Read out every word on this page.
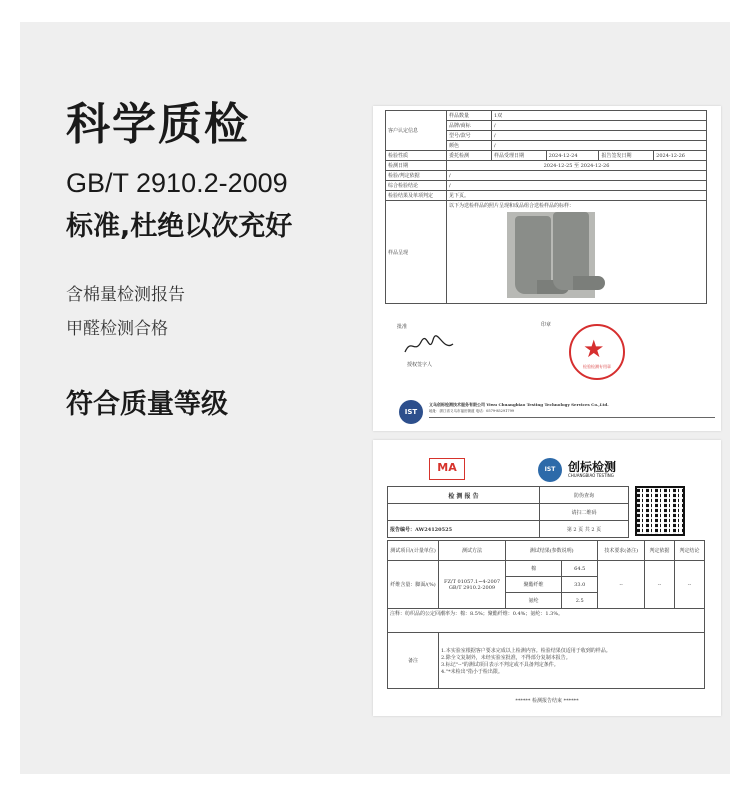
科学质检
GB/T 2910.2-2009
标准,杜绝以次充好
含棉量检测报告
甲醛检测合格
符合质量等级
客户认定信息	样品数量	1双			
	品牌/商标	/			
	型号/款号	/			
	颜色	/			
检验性质	委托检测	样品受理日期	2024-12-24	报告签发日期	2024-12-26
检测日期	2024-12-25 至 2024-12-26				
检验/判定依据	/				
综合检验结论	/				
检验结果及单项判定	见下页。				
样品呈现	以下为送检样品的照片呈现和成品组合送检样品的标样：				
批准
授权签字人
印章
★
检验检测专用章
IST
义乌创标检测技术服务有限公司 Yiwu Chuangbiao Testing Technology Services Co.,Ltd.
地址：浙江省义乌市福田街道 电话：0579-85291799
MA	IST	创标检测
CHUANGBIAO TESTING
检 测 报 告	防伪查询
	请扫二维码
报告编号：AW24120525	第 2 页 共 2 页
测试项目/(计量单位)	测试方法	测试结果(参数说明)		技术要求(备注)	判定依据	判定结论
纤维含量：脚面/(%)	FZ/T 01057.1~4-2007 GB/T 2910.2-2009	棉	64.5	--	--	--
		聚酯纤维	33.0			
		氨纶	2.5			
注释：纺织品的公定回潮率为：棉：8.5%；聚酯纤维：0.4%；氨纶：1.3%。						
备注	1.本实验室根据客户要求完成以上检测内容。检验结果仅适用于收到的样品。
2.除全文复制外，未经实验室批准，不得部分复制本报告。
3.标记"--"的测试项目表示不判定或不具备判定条件。
4."*未检出"指小于检出限。					
****** 检测报告结束 ******
